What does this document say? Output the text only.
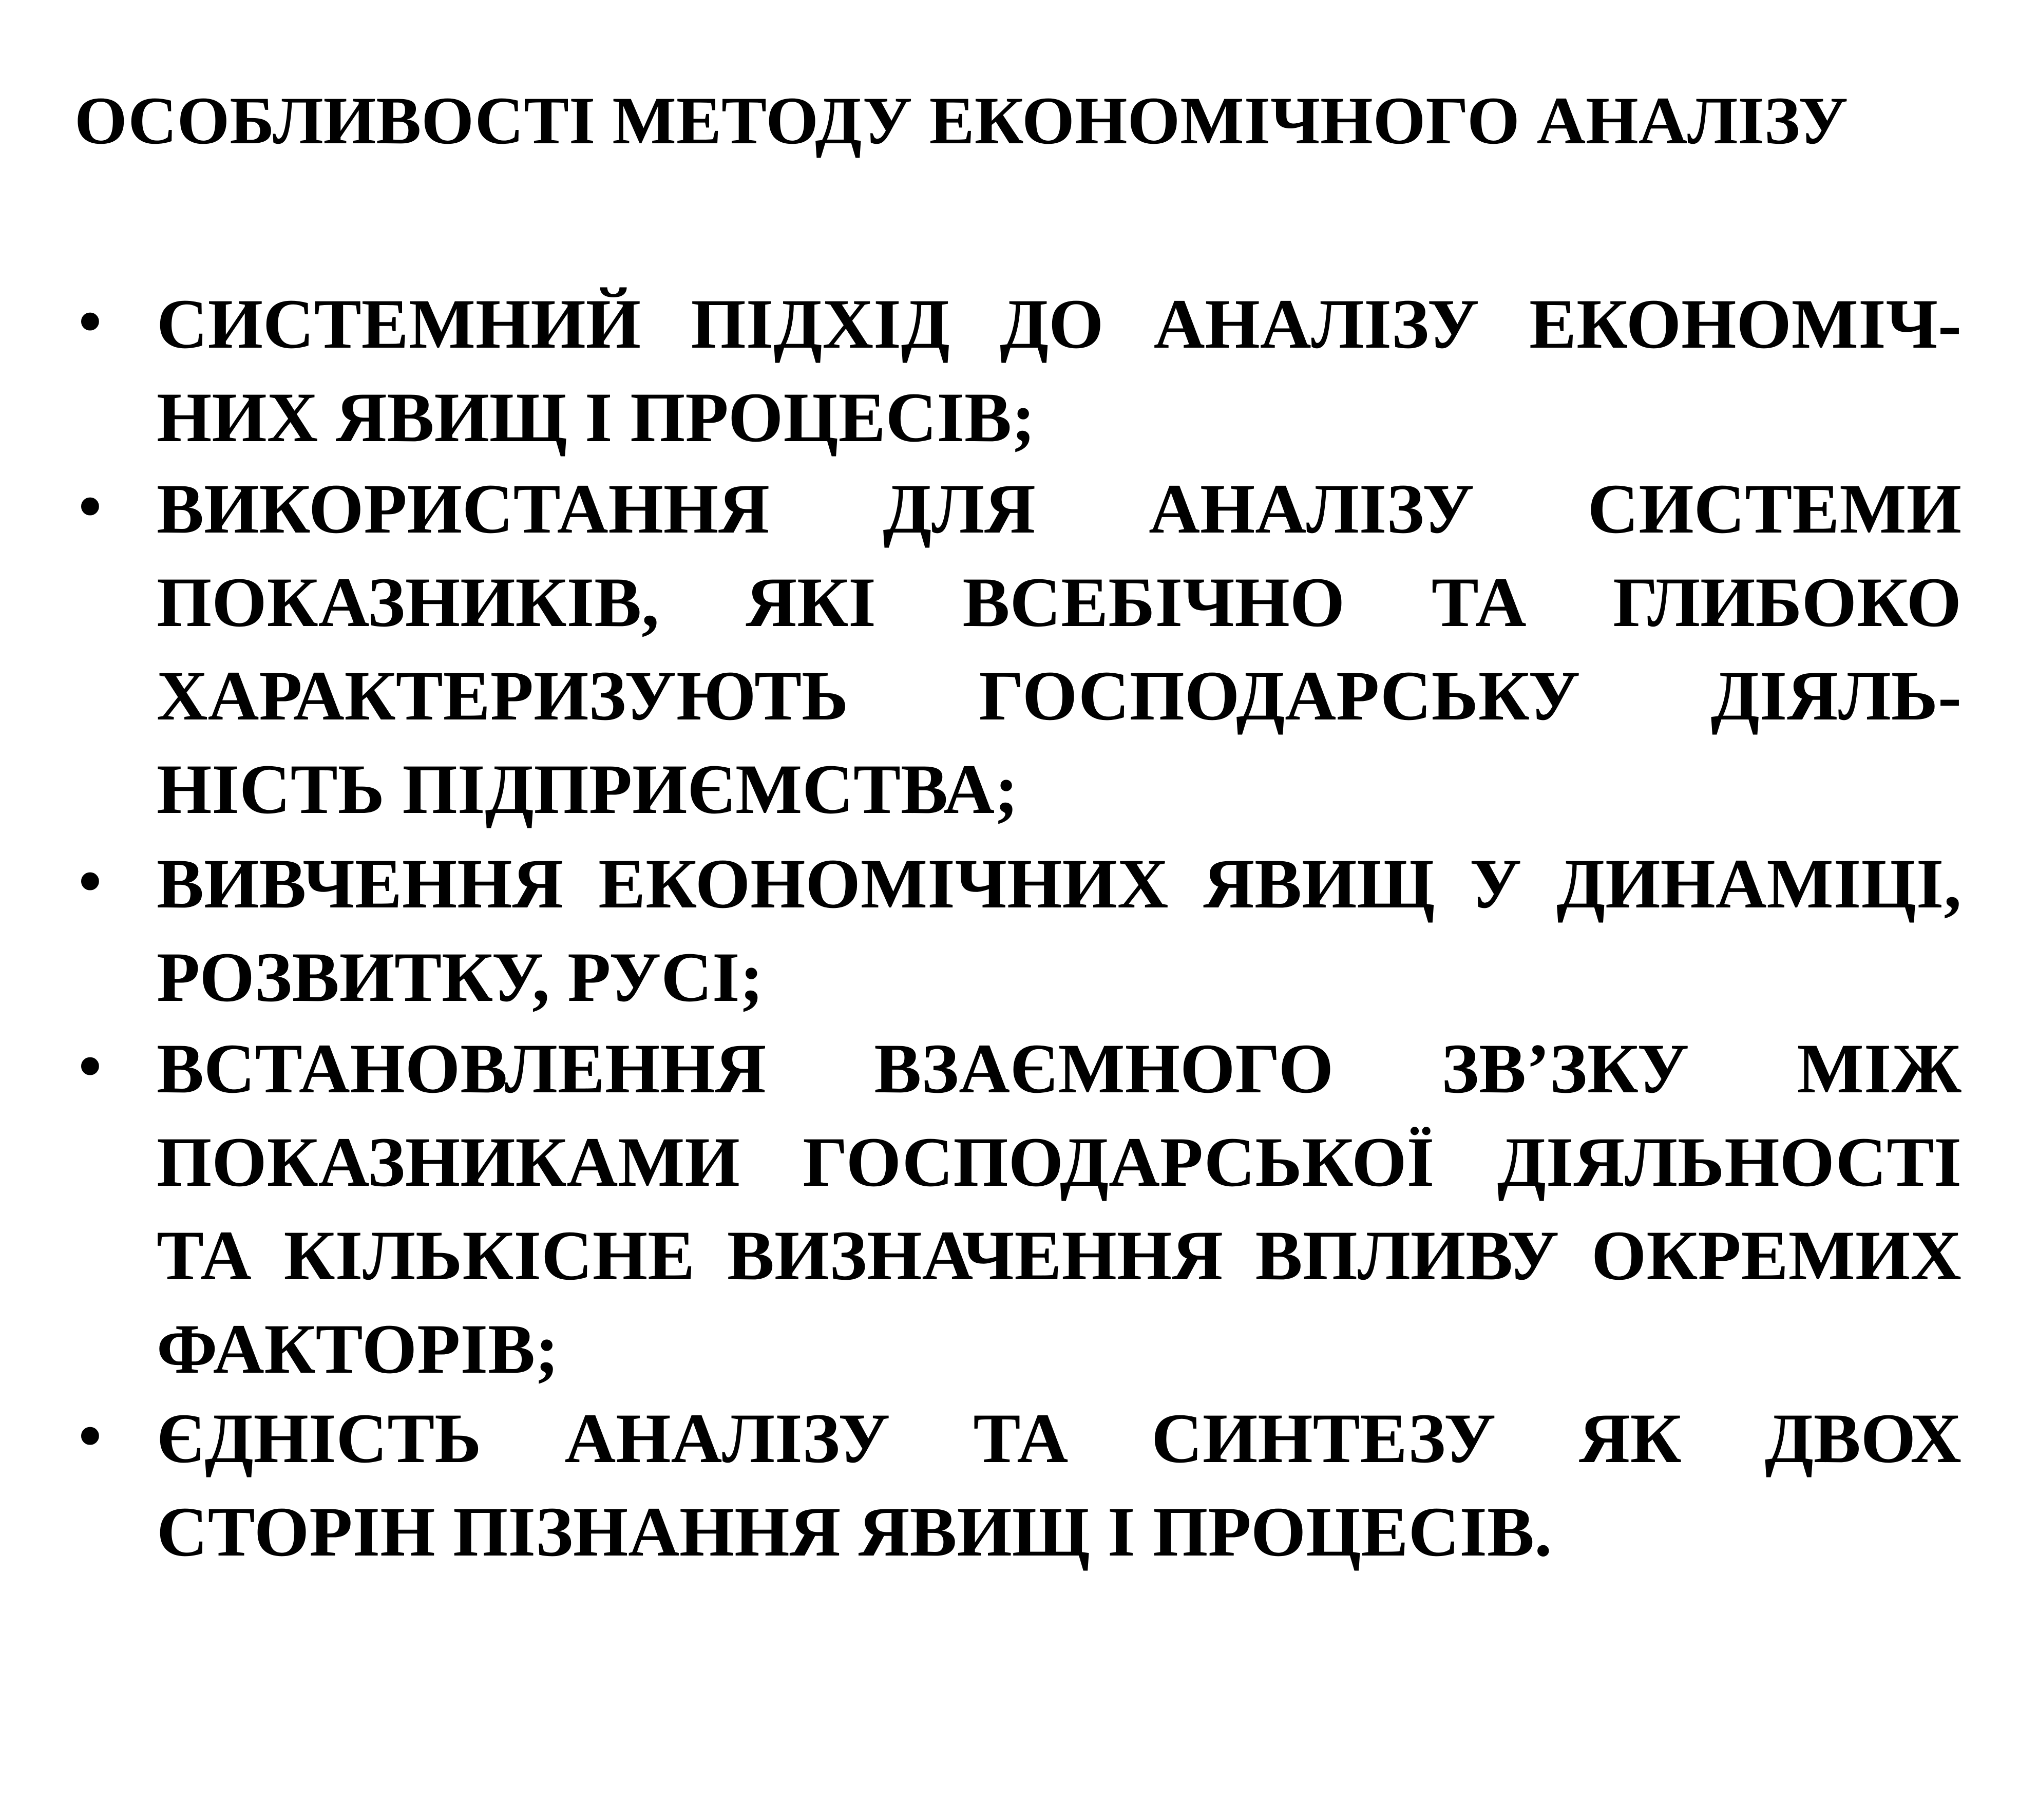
ОСОБЛИВОСТІ МЕТОДУ ЕКОНОМІЧНОГО АНАЛІЗУ
• СИСТЕМНИЙ ПІДХІД ДО АНАЛІЗУ ЕКОНОМІЧ-
НИХ ЯВИЩ І ПРОЦЕСІВ;
• ВИКОРИСТАННЯ ДЛЯ АНАЛІЗУ СИСТЕМИ
ПОКАЗНИКІВ, ЯКІ ВСЕБІЧНО ТА ГЛИБОКО
ХАРАКТЕРИЗУЮТЬ ГОСПОДАРСЬКУ ДІЯЛЬ-
НІСТЬ ПІДПРИЄМСТВА;
• ВИВЧЕННЯ ЕКОНОМІЧНИХ ЯВИЩ У ДИНАМІЦІ,
РОЗВИТКУ, РУСІ;
• ВСТАНОВЛЕННЯ ВЗАЄМНОГО ЗВ’ЗКУ МІЖ
ПОКАЗНИКАМИ ГОСПОДАРСЬКОЇ ДІЯЛЬНОСТІ
ТА КІЛЬКІСНЕ ВИЗНАЧЕННЯ ВПЛИВУ ОКРЕМИХ
ФАКТОРІВ;
• ЄДНІСТЬ АНАЛІЗУ ТА СИНТЕЗУ ЯК ДВОХ
СТОРІН ПІЗНАННЯ ЯВИЩ І ПРОЦЕСІВ.
